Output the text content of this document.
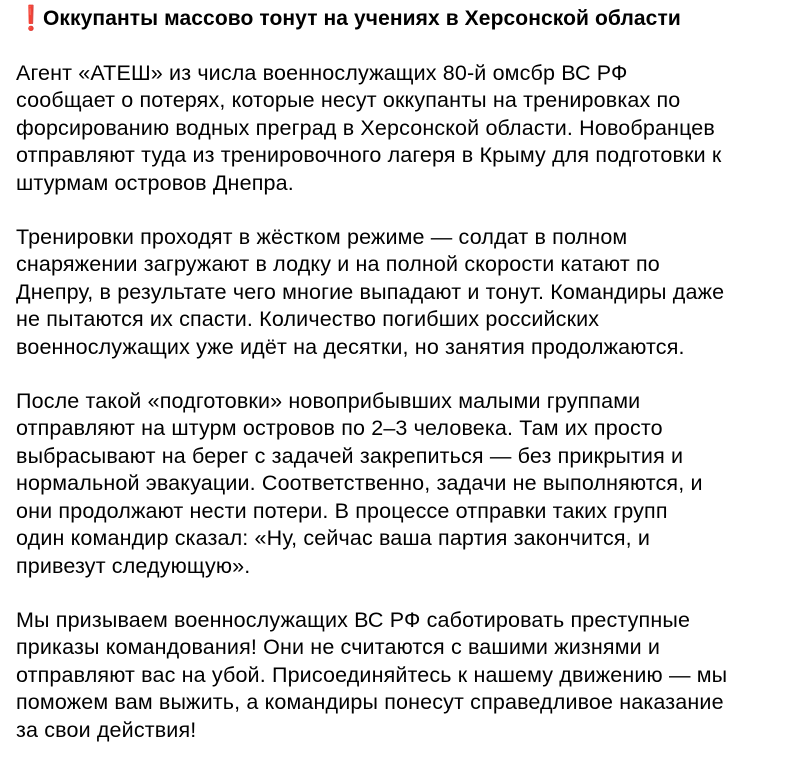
❗
Оккупанты массово тонут на учениях в Херсонской области

Агент «АТЕШ» из числа военнослужащих 80-й омсбр ВС РФ
сообщает о потерях, которые несут оккупанты на тренировках по
форсированию водных преград в Херсонской области. Новобранцев
отправляют туда из тренировочного лагеря в Крыму для подготовки к
штурмам островов Днепра.

Тренировки проходят в жёстком режиме — солдат в полном
снаряжении загружают в лодку и на полной скорости катают по
Днепру, в результате чего многие выпадают и тонут. Командиры даже
не пытаются их спасти. Количество погибших российских
военнослужащих уже идёт на десятки, но занятия продолжаются.

После такой «подготовки» новоприбывших малыми группами
отправляют на штурм островов по 2–3 человека. Там их просто
выбрасывают на берег с задачей закрепиться — без прикрытия и
нормальной эвакуации. Соответственно, задачи не выполняются, и
они продолжают нести потери. В процессе отправки таких групп
один командир сказал: «Ну, сейчас ваша партия закончится, и
привезут следующую».

Мы призываем военнослужащих ВС РФ саботировать преступные
приказы командования! Они не считаются с вашими жизнями и
отправляют вас на убой. Присоединяйтесь к нашему движению — мы
поможем вам выжить, а командиры понесут справедливое наказание
за свои действия!
